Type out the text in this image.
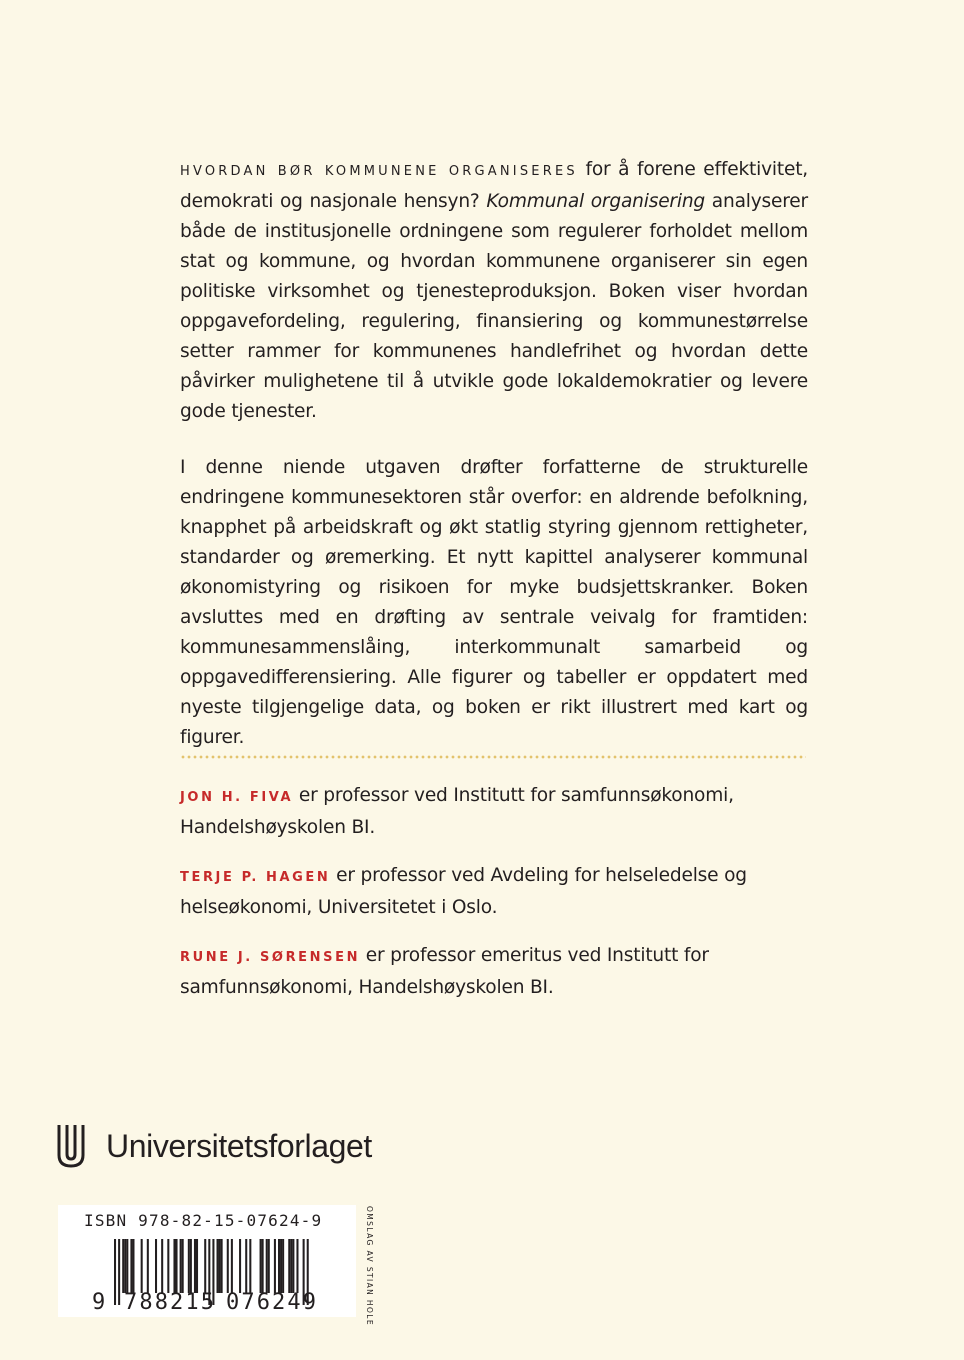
HVORDAN BØR KOMMUNENE ORGANISERES for å forene effektivitet, demokrati og nasjonale hensyn? Kommunal organisering analyserer både de institusjonelle ordningene som regulerer forholdet mellom stat og kommune, og hvordan kommunene organiserer sin egen politiske virksomhet og tjenesteproduksjon. Boken viser hvordan oppgavefordeling, regulering, finansiering og kommunestørrelse setter rammer for kommunenes handlefrihet og hvordan dette påvirker mulighetene til å utvikle gode lokaldemokratier og levere gode tjenester.

I denne niende utgaven drøfter forfatterne de strukturelle endringene kommunesektoren står overfor: en aldrende befolkning, knapphet på arbeidskraft og økt statlig styring gjennom rettigheter, standarder og øremerking. Et nytt kapittel analyserer kommunal økonomistyring og risikoen for myke budsjettskranker. Boken avsluttes med en drøfting av sentrale veivalg for framtiden: kommunesammenslåing, interkommunalt samarbeid og oppgavedifferensiering. Alle figurer og tabeller er oppdatert med nyeste tilgjengelige data, og boken er rikt illustrert med kart og figurer.

JON H. FIVA er professor ved Institutt for samfunnsøkonomi, Handelshøyskolen BI.

TERJE P. HAGEN er professor ved Avdeling for helseledelse og helseøkonomi, Universitetet i Oslo.

RUNE J. SØRENSEN er professor emeritus ved Institutt for samfunnsøkonomi, Handelshøyskolen BI.

Universitetsforlaget
9 788215 076249
ISBN 978-82-15-07624-9	OMSLAG AV STIAN HOLE
